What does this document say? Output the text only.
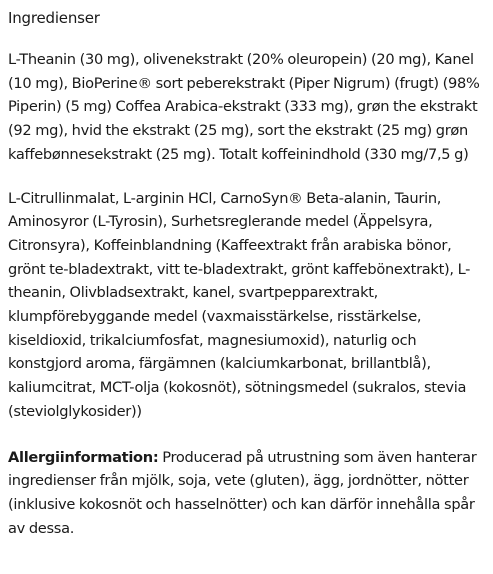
Ingredienser

L-Theanin (30 mg), olivenekstrakt (20% oleuropein) (20 mg), Kanel (10 mg), BioPerine® sort peberekstrakt (Piper Nigrum) (frugt) (98% Piperin) (5 mg) Coffea Arabica-ekstrakt (333 mg), grøn the ekstrakt (92 mg), hvid the ekstrakt (25 mg), sort the ekstrakt (25 mg) grøn kaffebønnesekstrakt (25 mg). Totalt koffeinindhold (330 mg/7,5 g)

L-Citrullinmalat, L-arginin HCl, CarnoSyn® Beta-alanin, Taurin, Aminosyror (L-Tyrosin), Surhetsreglerande medel (Äppelsyra, Citronsyra), Koffeinblandning (Kaffeextrakt från arabiska bönor, grönt te-bladextrakt, vitt te-bladextrakt, grönt kaffebönextrakt), L-theanin, Olivbladsextrakt, kanel, svartpepparextrakt, klumpförebyggande medel (vaxmaisstärkelse, risstärkelse, kiseldioxid, trikalciumfosfat, magnesiumoxid), naturlig och konstgjord aroma, färgämnen (kalciumkarbonat, brillantblå), kaliumcitrat, MCT-olja (kokosnöt), sötningsmedel (sukralos, stevia (steviolglykosider))

Allergiinformation: Producerad på utrustning som även hanterar ingredienser från mjölk, soja, vete (gluten), ägg, jordnötter, nötter (inklusive kokosnöt och hasselnötter) och kan därför innehålla spår av dessa.
